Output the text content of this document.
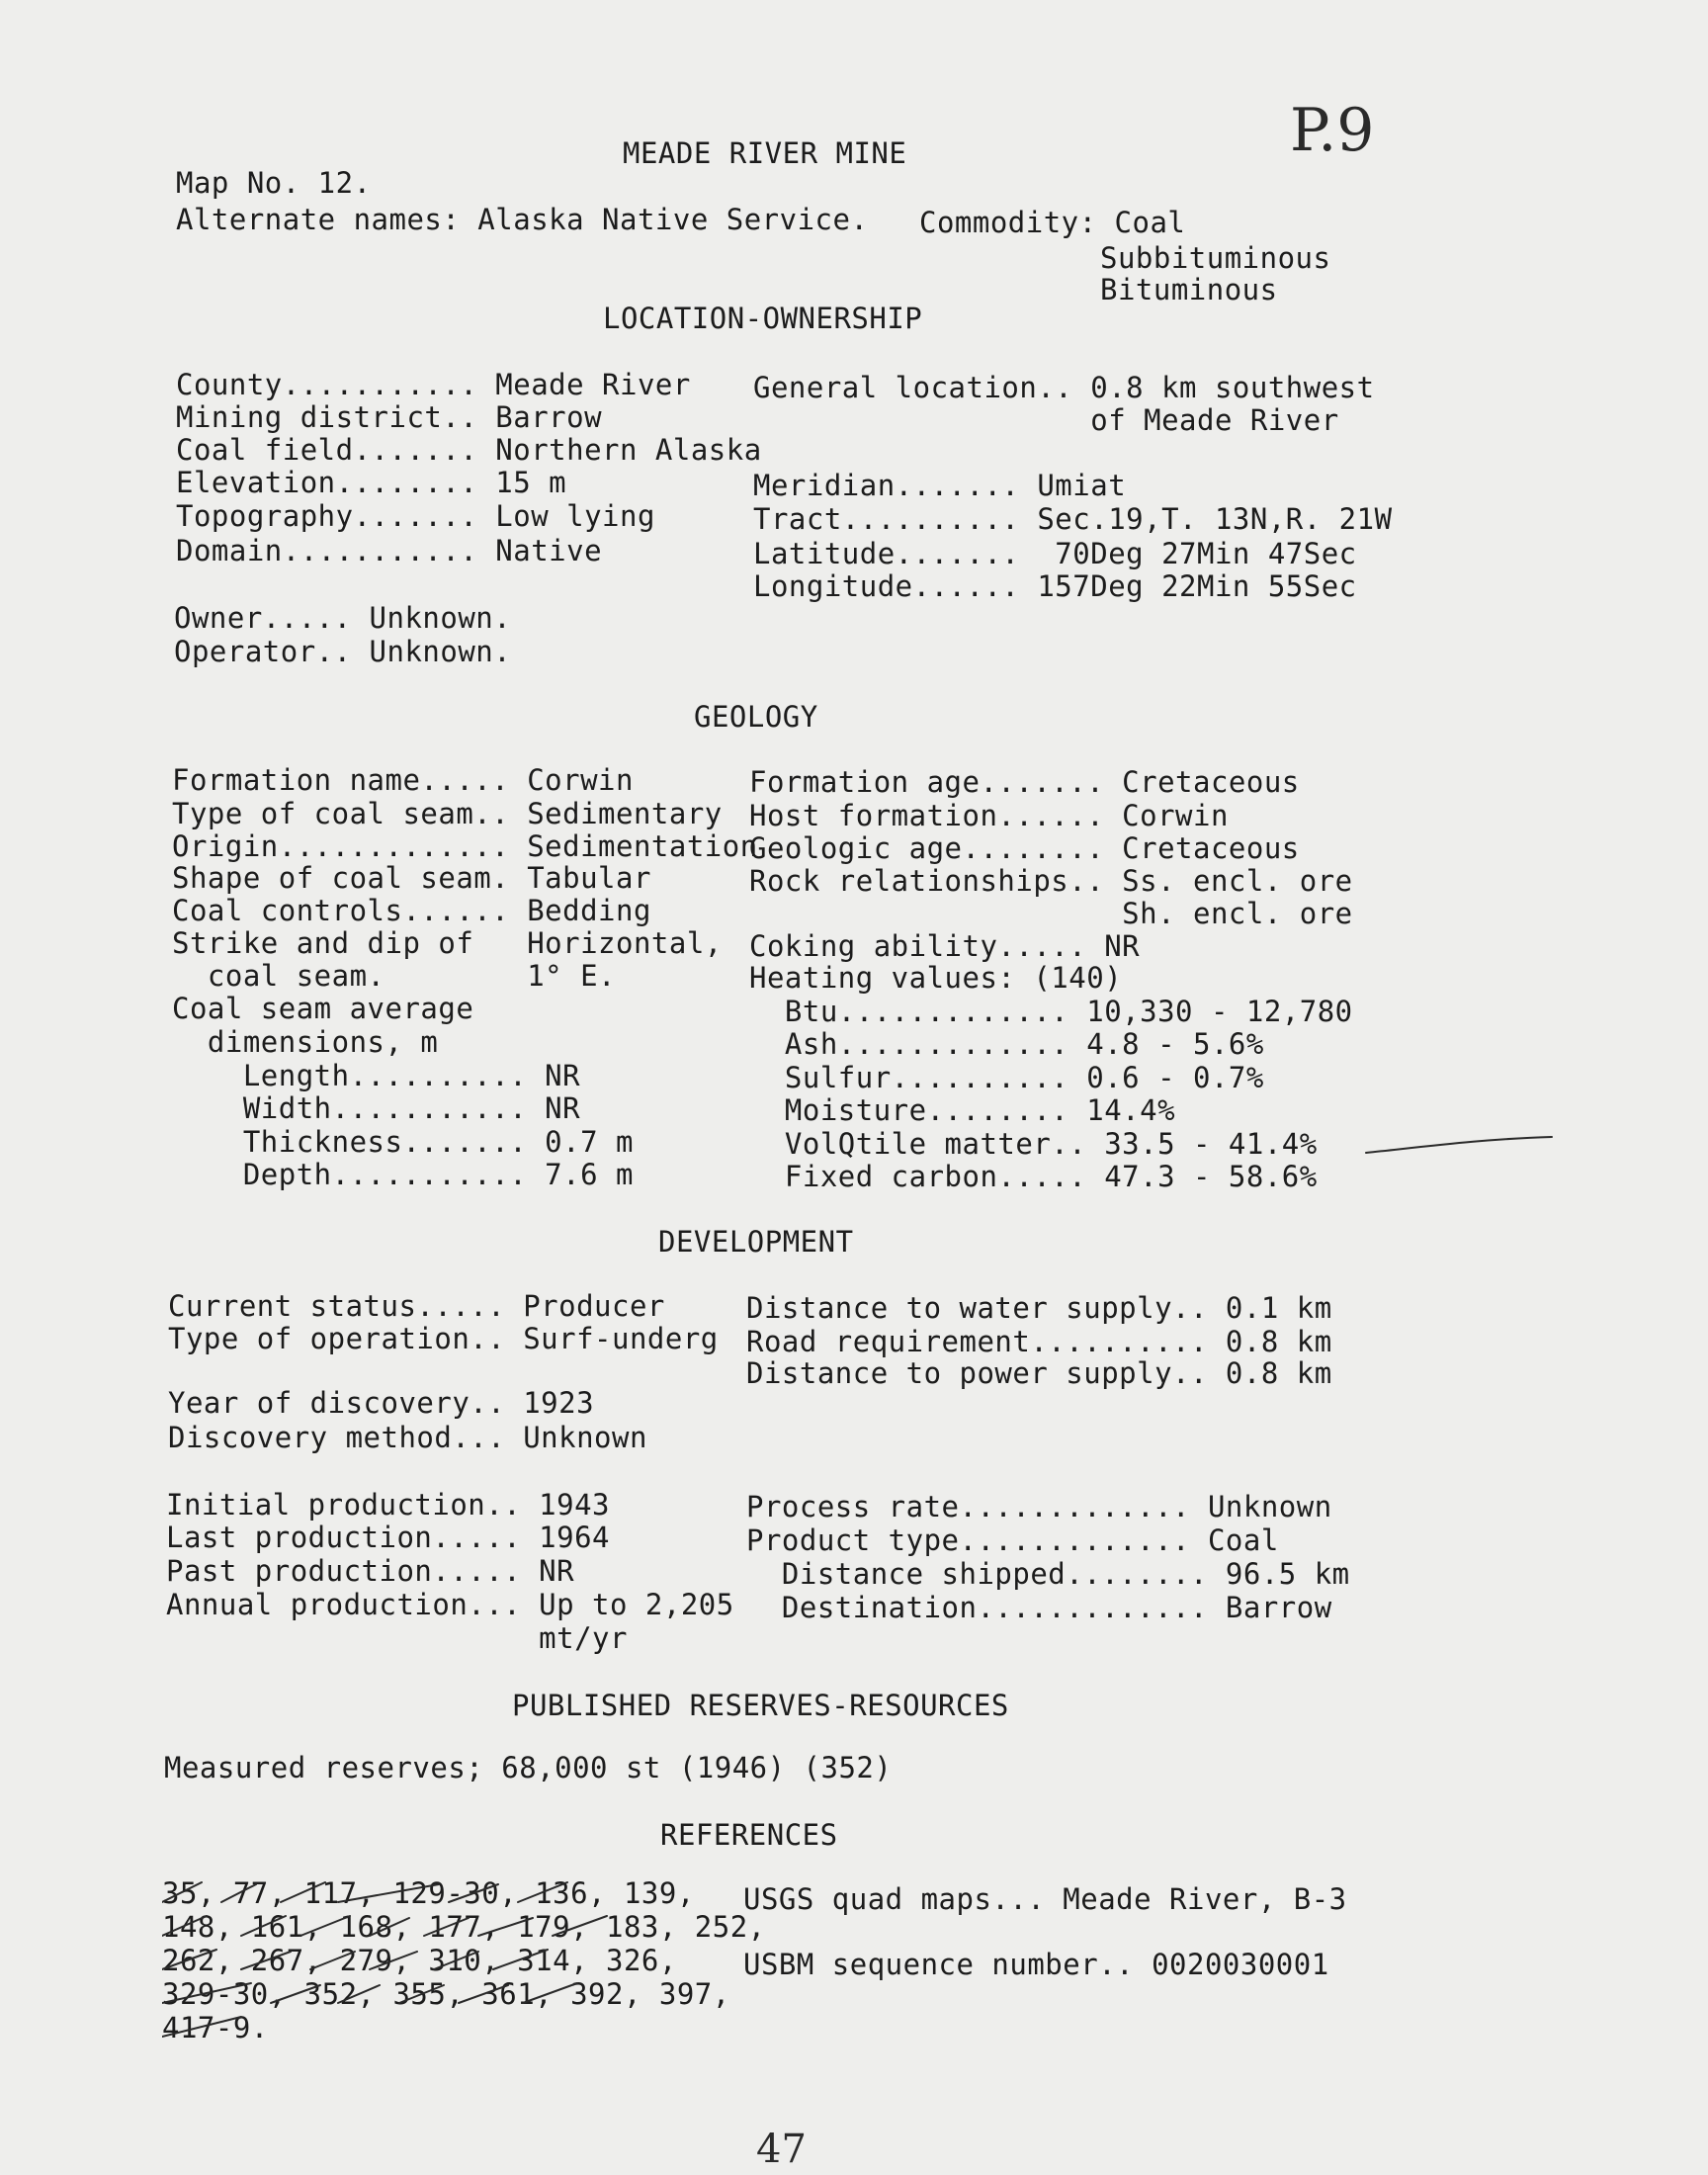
P.9
MEADE RIVER MINE
Map No. 12.
Alternate names: Alaska Native Service. Commodity: Coal
Subbituminous
Bituminous
LOCATION-OWNERSHIP
County........... Meade River
Mining district.. Barrow
Coal field....... Northern Alaska
Elevation........ 15 m
Topography....... Low lying
Domain........... Native
General location.. 0.8 km southwest
of Meade River
Meridian....... Umiat
Tract.......... Sec.19,T. 13N,R. 21W
Latitude.......  70Deg 27Min 47Sec
Longitude...... 157Deg 22Min 55Sec
Owner..... Unknown.
Operator.. Unknown.
GEOLOGY
Formation name..... Corwin
Type of coal seam.. Sedimentary
Origin............. Sedimentation
Shape of coal seam. Tabular
Coal controls...... Bedding
Strike and dip of   Horizontal,
coal seam.        1° E.
Coal seam average
dimensions, m
Length.......... NR
Width........... NR
Thickness....... 0.7 m
Depth........... 7.6 m
Formation age....... Cretaceous
Host formation...... Corwin
Geologic age........ Cretaceous
Rock relationships.. Ss. encl. ore
Sh. encl. ore
Coking ability..... NR
Heating values: (140)
Btu............. 10,330 - 12,780
Ash............. 4.8 - 5.6%
Sulfur.......... 0.6 - 0.7%
Moisture........ 14.4%
VolQtile matter.. 33.5 - 41.4%
Fixed carbon..... 47.3 - 58.6%
DEVELOPMENT
Current status..... Producer
Type of operation.. Surf-underg
Year of discovery.. 1923
Discovery method... Unknown
Initial production.. 1943
Last production..... 1964
Past production..... NR
Annual production... Up to 2,205
mt/yr
Distance to water supply.. 0.1 km
Road requirement.......... 0.8 km
Distance to power supply.. 0.8 km
Process rate............. Unknown
Product type............. Coal
Distance shipped........ 96.5 km
Destination............. Barrow
PUBLISHED RESERVES-RESOURCES
Measured reserves; 68,000 st (1946) (352)
REFERENCES
35, 77, 117, 129-30, 136, 139,
148, 161, 168, 177, 179, 183, 252,
262, 267, 279, 310, 314, 326,
329-30, 352, 355, 361, 392, 397,
417-9.
USGS quad maps... Meade River, B-3
USBM sequence number.. 0020030001
47
